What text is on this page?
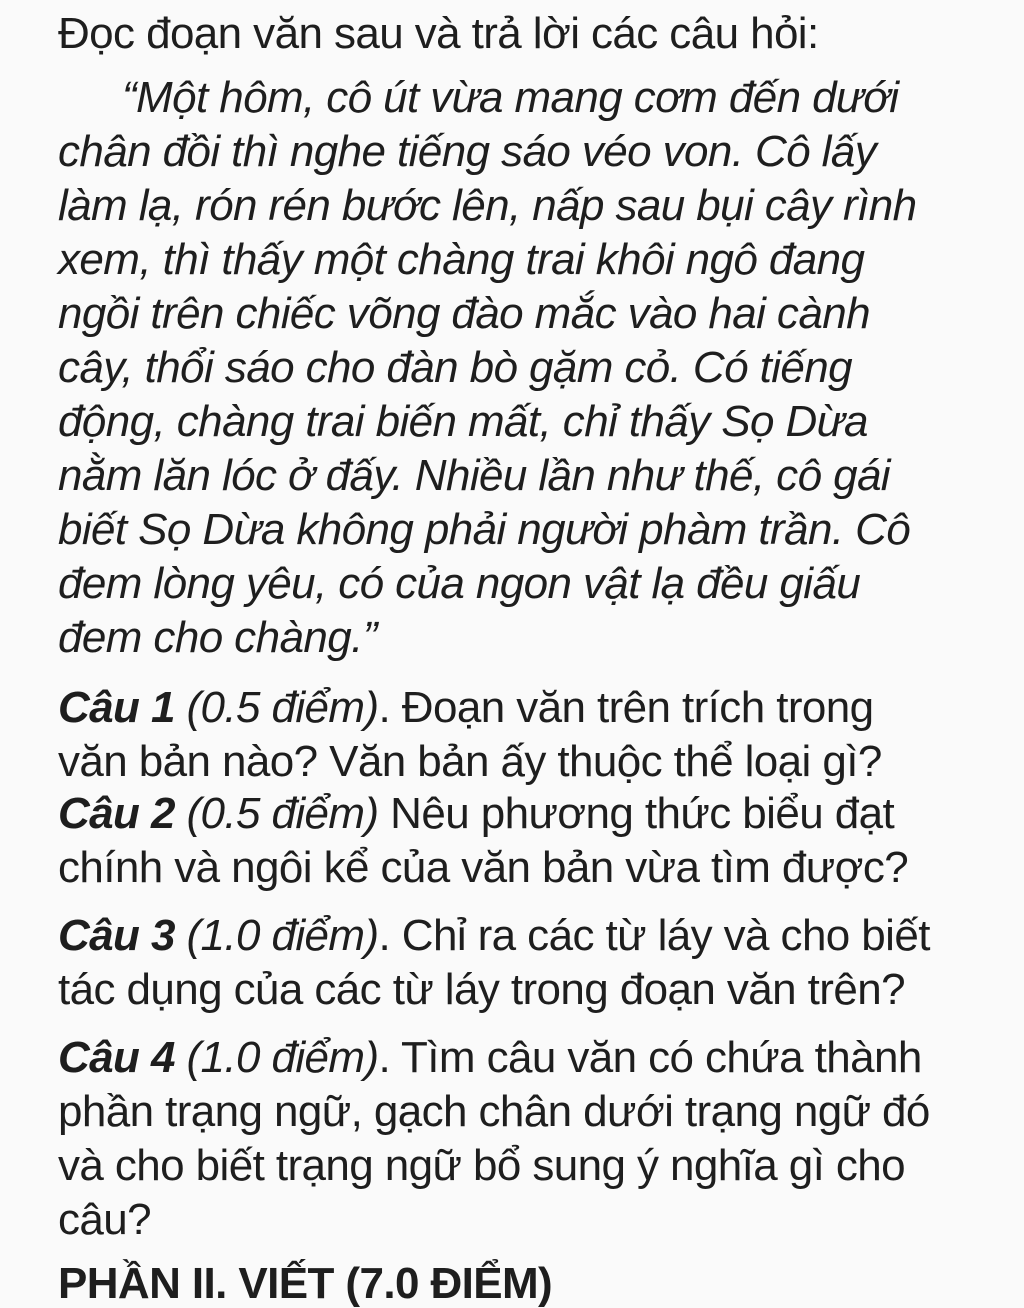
Đọc đoạn văn sau và trả lời các câu hỏi:
“Một hôm, cô út vừa mang cơm đến dưới
chân đồi thì nghe tiếng sáo véo von. Cô lấy
làm lạ, rón rén bước lên, nấp sau bụi cây rình
xem, thì thấy một chàng trai khôi ngô đang
ngồi trên chiếc võng đào mắc vào hai cành
cây, thổi sáo cho đàn bò gặm cỏ. Có tiếng
động, chàng trai biến mất, chỉ thấy Sọ Dừa
nằm lăn lóc ở đấy. Nhiều lần như thế, cô gái
biết Sọ Dừa không phải người phàm trần. Cô
đem lòng yêu, có của ngon vật lạ đều giấu
đem cho chàng.”
Câu 1 (0.5 điểm). Đoạn văn trên trích trong
văn bản nào? Văn bản ấy thuộc thể loại gì?
Câu 2 (0.5 điểm) Nêu phương thức biểu đạt
chính và ngôi kể của văn bản vừa tìm được?
Câu 3 (1.0 điểm). Chỉ ra các từ láy và cho biết
tác dụng của các từ láy trong đoạn văn trên?
Câu 4 (1.0 điểm). Tìm câu văn có chứa thành
phần trạng ngữ, gạch chân dưới trạng ngữ đó
và cho biết trạng ngữ bổ sung ý nghĩa gì cho
câu?
PHẦN II. VIẾT (7.0 ĐIỂM)
